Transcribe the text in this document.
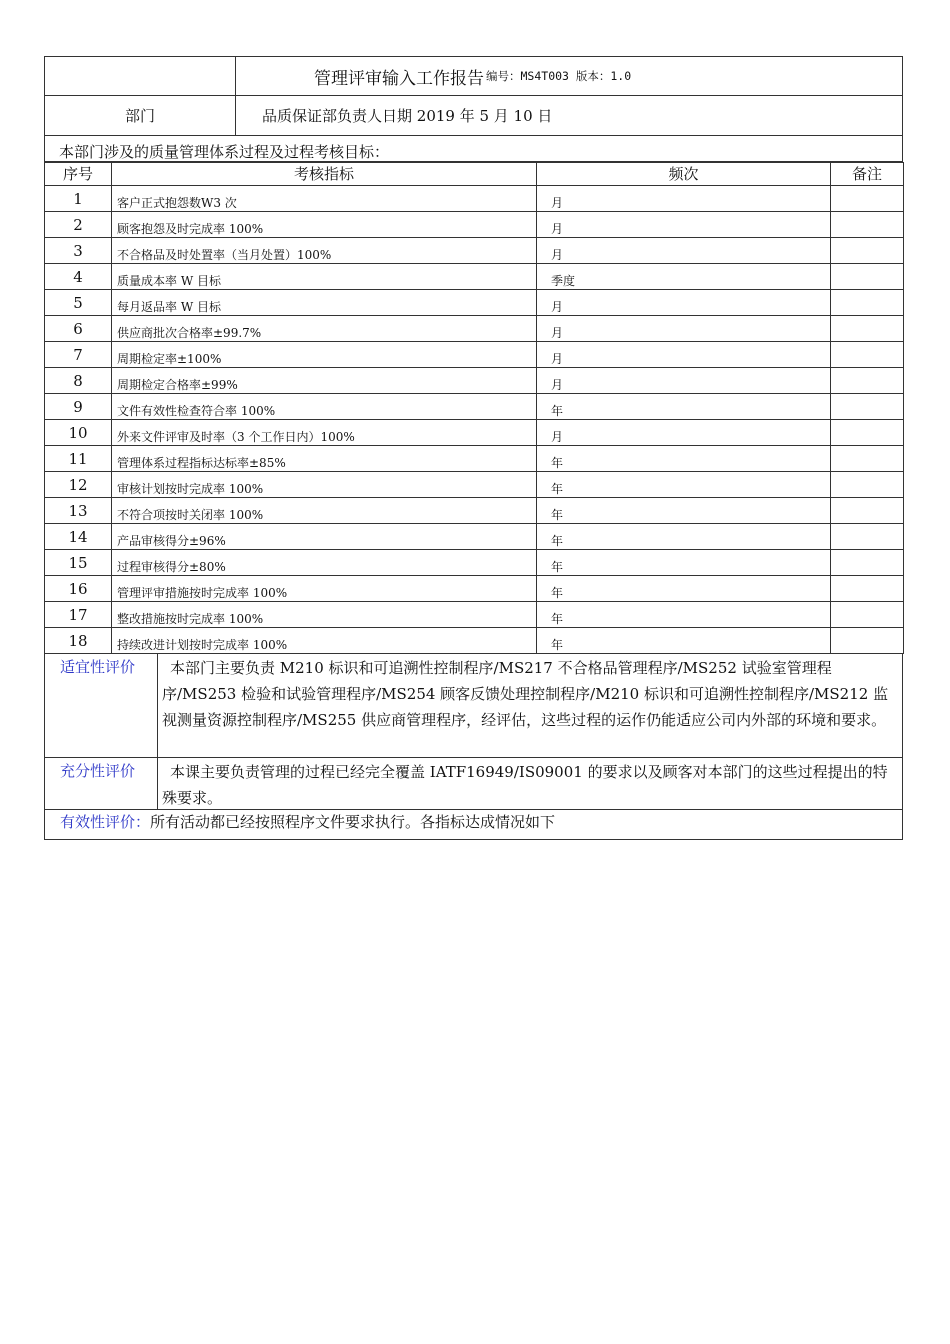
管理评审输入工作报告 编号：MS4T003 版本：1.0
部门	品质保证部负责人日期 2019 年 5 月 10 日
本部门涉及的质量管理体系过程及过程考核目标：
序号	考核指标	频次	备注
1	客户正式抱怨数W3 次	月	
2	顾客抱怨及时完成率 100%	月	
3	不合格品及时处置率（当月处置）100%	月	
4	质量成本率 W 目标	季度	
5	每月返品率 W 目标	月	
6	供应商批次合格率±99.7%	月	
7	周期检定率±100%	月	
8	周期检定合格率±99%	月	
9	文件有效性检查符合率 100%	年	
10	外来文件评审及时率（3 个工作日内）100%	月	
11	管理体系过程指标达标率±85%	年	
12	审核计划按时完成率 100%	年	
13	不符合项按时关闭率 100%	年	
14	产品审核得分±96%	年	
15	过程审核得分±80%	年	
16	管理评审措施按时完成率 100%	年	
17	整改措施按时完成率 100%	年	
18	持续改进计划按时完成率 100%	年	
适宜性评价	本部门主要负责 M210 标识和可追溯性控制程序/MS217 不合格品管理程序/MS252 试验室管理程序/MS253 检验和试验管理程序/MS254 顾客反馈处理控制程序/M210 标识和可追溯性控制程序/MS212 监视测量资源控制程序/MS255 供应商管理程序，经评估，这些过程的运作仍能适应公司内外部的环境和要求。
充分性评价	本课主要负责管理的过程已经完全覆盖 IATF16949/IS09001 的要求以及顾客对本部门的这些过程提出的特殊要求。
有效性评价：所有活动都已经按照程序文件要求执行。各指标达成情况如下
